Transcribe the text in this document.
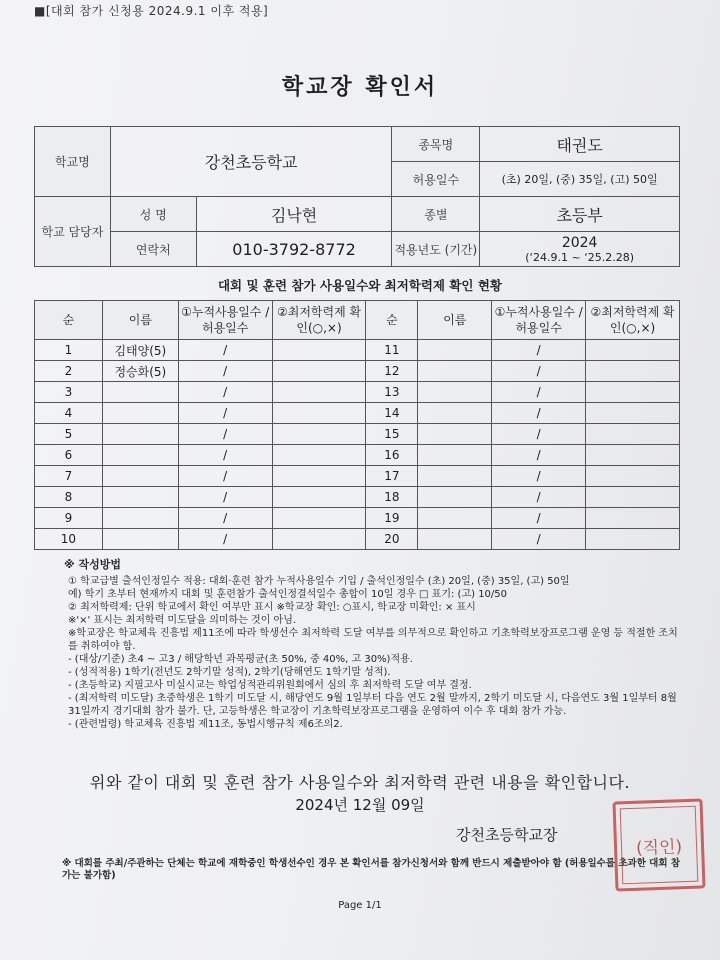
■[대회 참가 신청용 2024.9.1 이후 적용]
학교장 확인서
학교명	강천초등학교		종목명	태권도
			허용일수	(초) 20일, (중) 35일, (고) 50일
학교 담당자	성 명	김낙현	종별	초등부
	연락처	010-3792-8772	적용년도 (기간)	2024
(‘24.9.1 ~ ‘25.2.28)
대회 및 훈련 참가 사용일수와 최저학력제 확인 현황
순	이름	①누적사용일수 /허용일수	②최저학력제 확인(○,×)	순	이름	①누적사용일수 /허용일수	②최저학력제 확인(○,×)
1	김태양(5)	/		11		/	
2	정승화(5)	/		12		/	
3		/		13		/	
4		/		14		/	
5		/		15		/	
6		/		16		/	
7		/		17		/	
8		/		18		/	
9		/		19		/	
10		/		20		/	
※ 작성방법

① 학교급별 출석인정일수 적용: 대회·훈련 참가 누적사용일수 기입 / 출석인정일수 (초) 20일, (중) 35일, (고) 50일

예) 학기 초부터 현재까지 대회 및 훈련참가 출석인정결석일수 총합이 10일 경우 □ 표기: (고) 10/50

② 최저학력제: 단위 학교에서 확인 여부만 표시 ※학교장 확인: ○표시, 학교장 미확인: × 표시

※'×' 표시는 최저학력 미도달을 의미하는 것이 아님.

※학교장은 학교체육 진흥법 제11조에 따라 학생선수 최저학력 도달 여부를 의무적으로 확인하고 기초학력보장프로그램 운영 등 적절한 조치를 취하여야 함.

- (대상/기준) 초4 ~ 고3 / 해당학년 과목평균(초 50%, 중 40%, 고 30%)적용.

- (성적적용) 1학기(전년도 2학기말 성적), 2학기(당해연도 1학기말 성적).

- (초등학교) 지필고사 미실시교는 학업성적관리위원회에서 심의 후 최저학력 도달 여부 결정.

- (최저학력 미도달) 초중학생은 1학기 미도달 시, 해당연도 9월 1일부터 다음 연도 2월 말까지, 2학기 미도달 시, 다음연도 3월 1일부터 8월 31일까지 경기대회 참가 불가. 단, 고등학생은 학교장이 기초학력보장프로그램을 운영하여 이수 후 대회 참가 가능.

- (관련법령) 학교체육 진흥법 제11조, 동법시행규칙 제6조의2.

위와 같이 대회 및 훈련 참가 사용일수와 최저학력 관련 내용을 확인합니다.
2024년 12월 09일
강천초등학교장
(직인)
※ 대회를 주최/주관하는 단체는 학교에 재학중인 학생선수인 경우 본 확인서를 참가신청서와 함께 반드시 제출받아야 함 (허용일수를 초과한 대회 참가는 불가함)
Page 1/1
